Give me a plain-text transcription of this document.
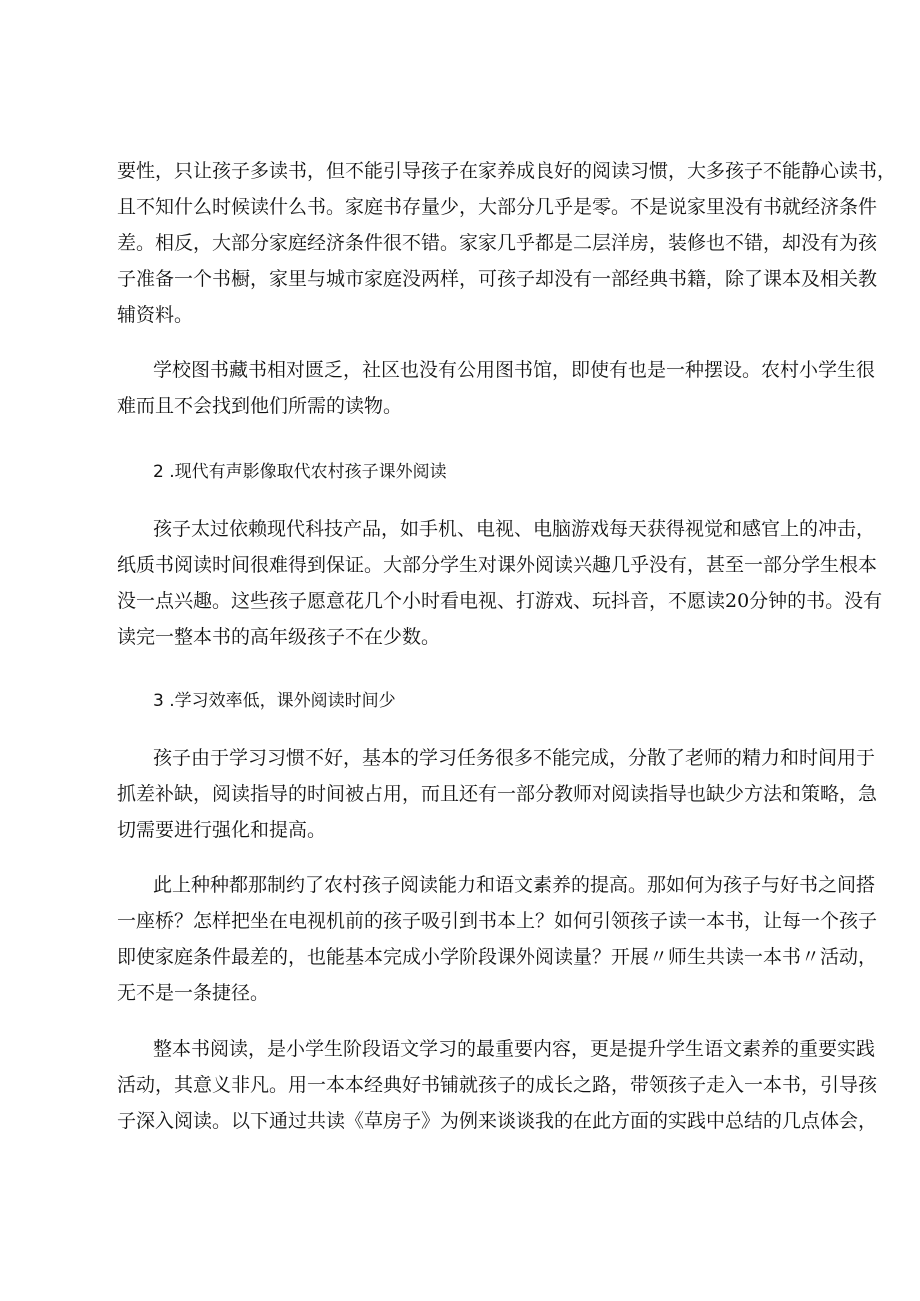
要性，只让孩子多读书，但不能引导孩子在家养成良好的阅读习惯，大多孩子不能静心读书，
且不知什么时候读什么书。家庭书存量少，大部分几乎是零。不是说家里没有书就经济条件
差。相反，大部分家庭经济条件很不错。家家几乎都是二层洋房，装修也不错，却没有为孩
子准备一个书橱，家里与城市家庭没两样，可孩子却没有一部经典书籍，除了课本及相关教
辅资料。
学校图书藏书相对匮乏，社区也没有公用图书馆，即使有也是一种摆设。农村小学生很
难而且不会找到他们所需的读物。
2 .现代有声影像取代农村孩子课外阅读
孩子太过依赖现代科技产品，如手机、电视、电脑游戏每天获得视觉和感官上的冲击，
纸质书阅读时间很难得到保证。大部分学生对课外阅读兴趣几乎没有，甚至一部分学生根本
没一点兴趣。这些孩子愿意花几个小时看电视、打游戏、玩抖音，不愿读20分钟的书。没有
读完一整本书的高年级孩子不在少数。
3 .学习效率低，课外阅读时间少
孩子由于学习习惯不好，基本的学习任务很多不能完成，分散了老师的精力和时间用于
抓差补缺，阅读指导的时间被占用，而且还有一部分教师对阅读指导也缺少方法和策略，急
切需要进行强化和提高。
此上种种都那制约了农村孩子阅读能力和语文素养的提高。那如何为孩子与好书之间搭
一座桥？怎样把坐在电视机前的孩子吸引到书本上？如何引领孩子读一本书，让每一个孩子
即使家庭条件最差的，也能基本完成小学阶段课外阅读量？开展〃师生共读一本书〃活动，
无不是一条捷径。
整本书阅读，是小学生阶段语文学习的最重要内容，更是提升学生语文素养的重要实践
活动，其意义非凡。用一本本经典好书铺就孩子的成长之路，带领孩子走入一本书，引导孩
子深入阅读。以下通过共读《草房子》为例来谈谈我的在此方面的实践中总结的几点体会，
